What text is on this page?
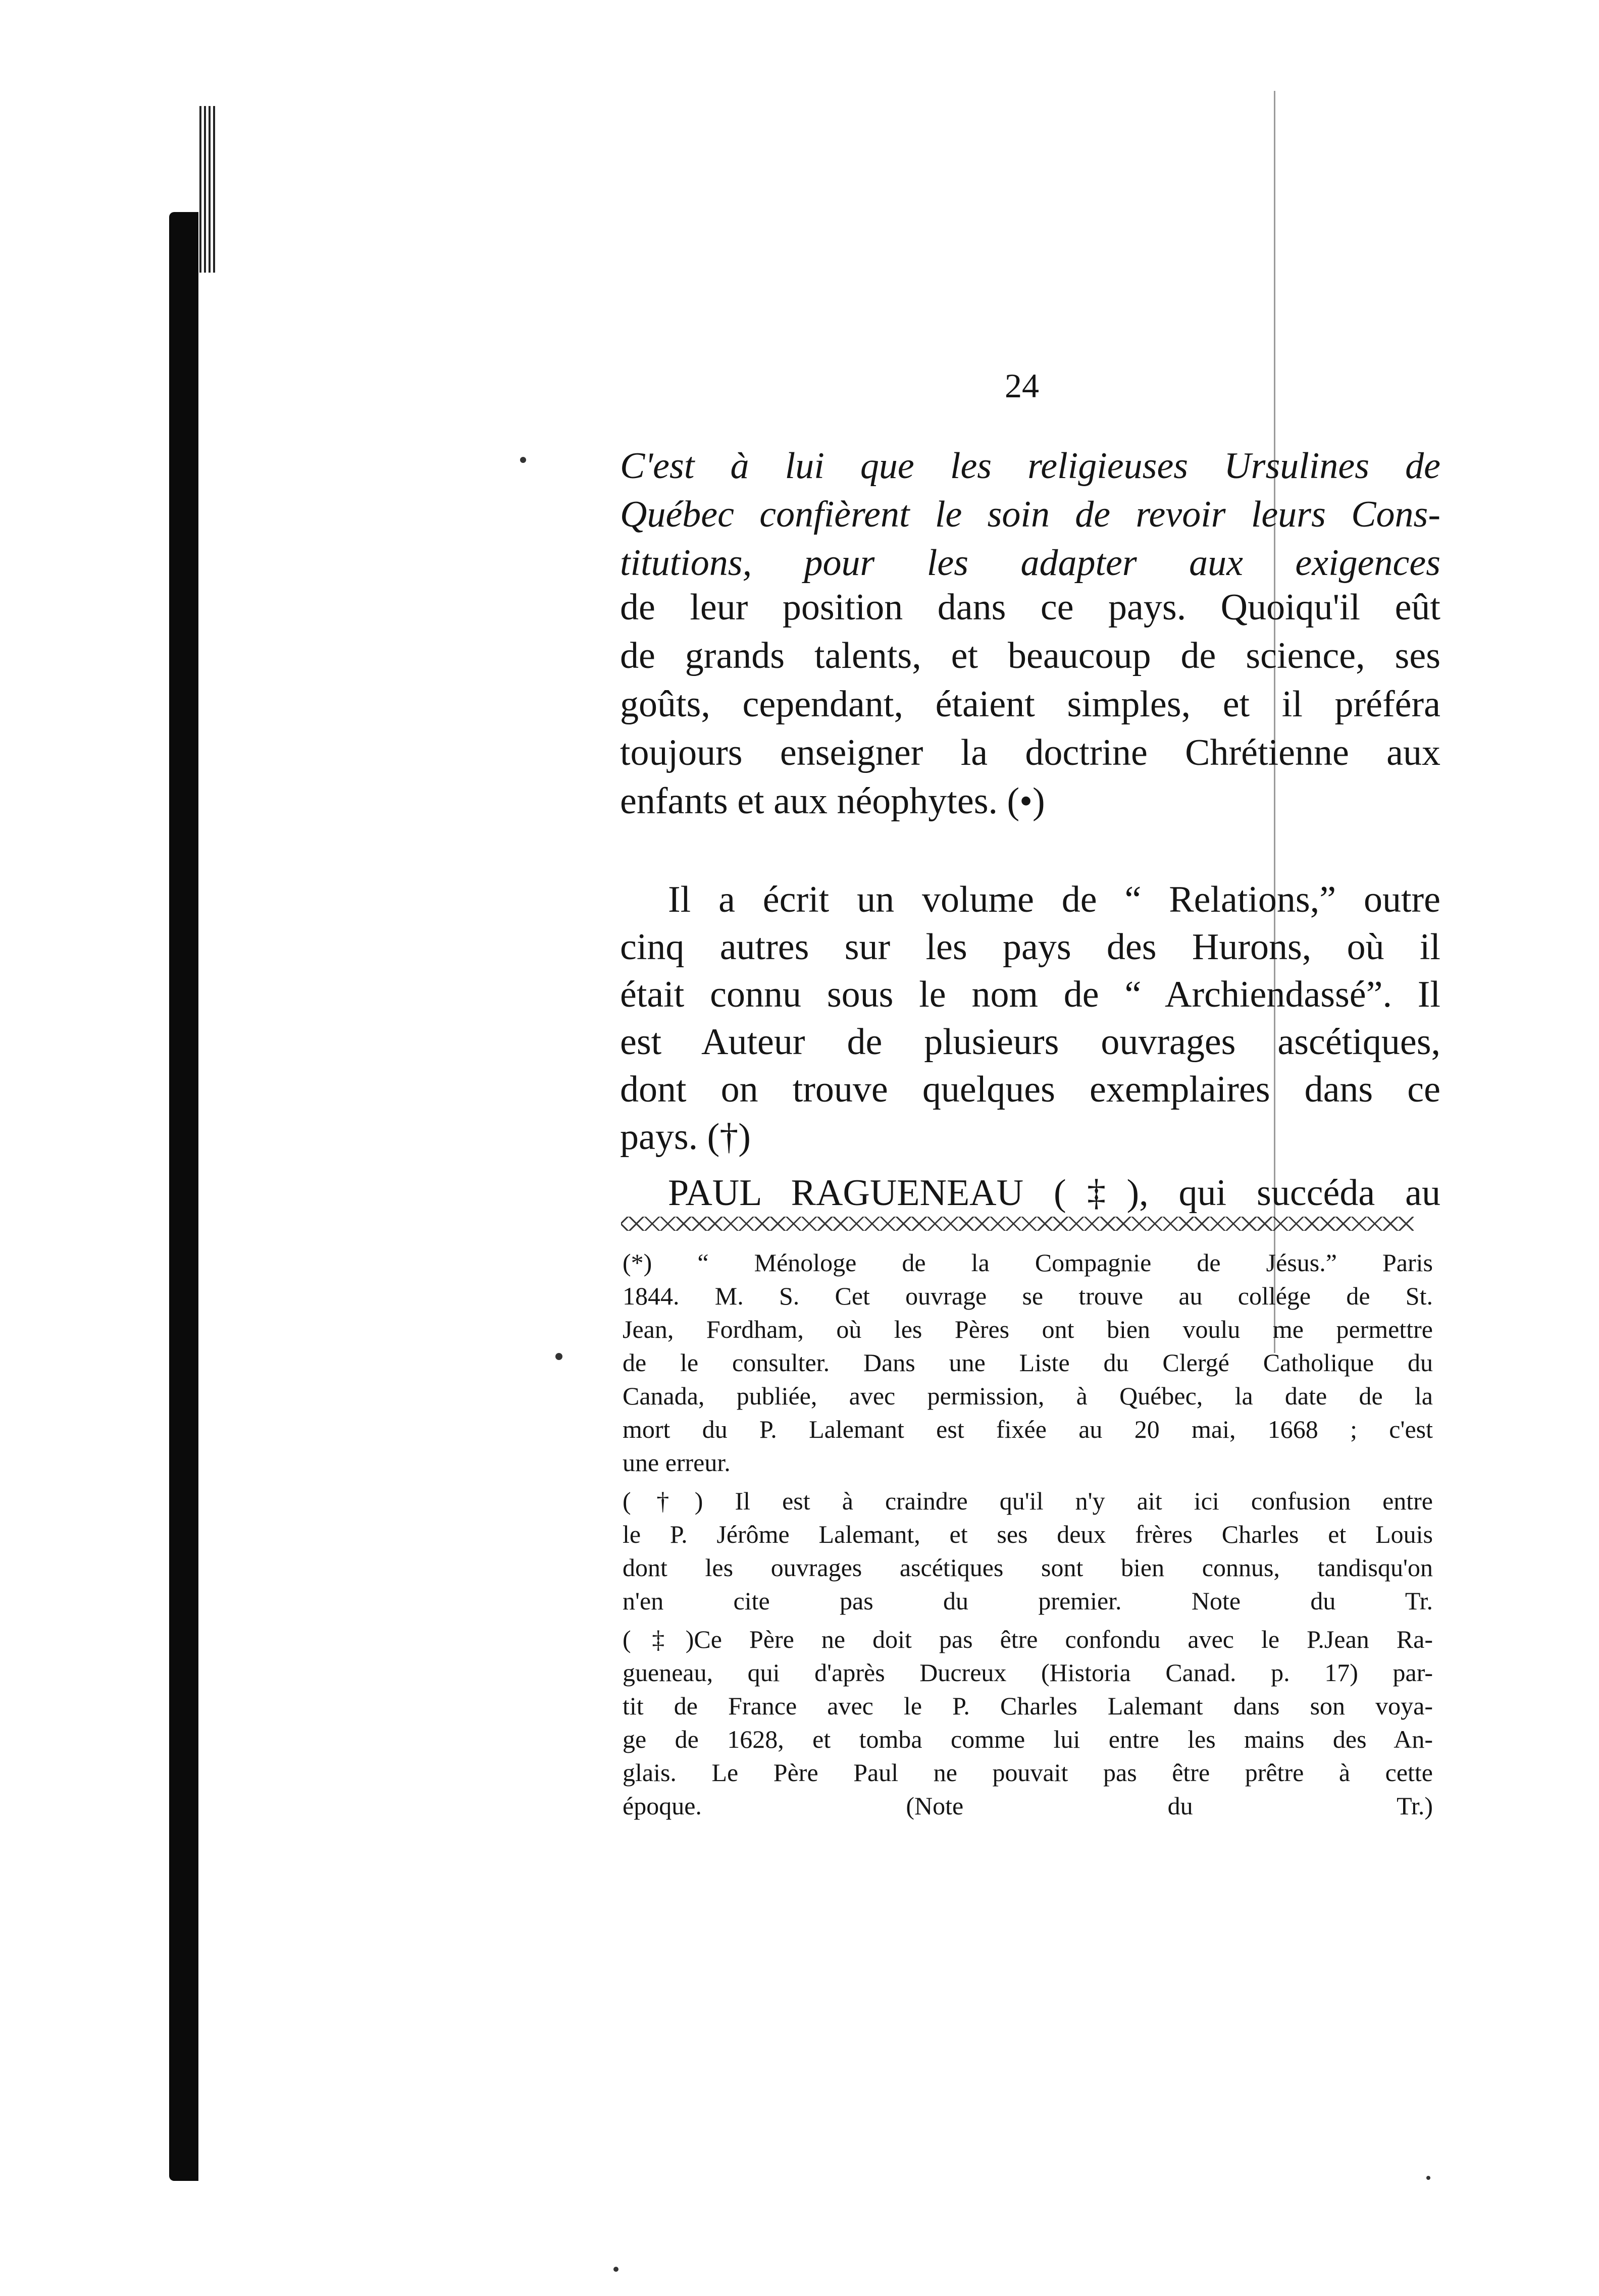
24
C'est à lui que les religieuses Ursulines de
Québec confièrent le soin de revoir leurs Cons-
titutions, pour les adapter aux exigences
de leur position dans ce pays. Quoiqu'il eût
de grands talents, et beaucoup de science, ses
goûts, cependant, étaient simples, et il préféra
toujours enseigner la doctrine Chrétienne aux
enfants et aux néophytes. (•)
Il a écrit un volume de “ Relations,” outre
cinq autres sur les pays des Hurons, où il
était connu sous le nom de “ Archiendassé”. Il
est Auteur de plusieurs ouvrages ascétiques,
dont on trouve quelques exemplaires dans ce
pays. (†)
PAUL RAGUENEAU (‡), qui succéda au
(*) “ Ménologe de la Compagnie de Jésus.” Paris
1844. M. S. Cet ouvrage se trouve au collége de St.
Jean, Fordham, où les Pères ont bien voulu me permettre
de le consulter. Dans une Liste du Clergé Catholique du
Canada, publiée, avec permission, à Québec, la date de la
mort du P. Lalemant est fixée au 20 mai, 1668 ; c'est
une erreur.
(†) Il est à craindre qu'il n'y ait ici confusion entre
le P. Jérôme Lalemant, et ses deux frères Charles et Louis
dont les ouvrages ascétiques sont bien connus, tandisqu'on
n'en cite pas du premier. Note du Tr.
(‡)Ce Père ne doit pas être confondu avec le P.Jean Ra-
gueneau, qui d'après Ducreux (Historia Canad. p. 17) par-
tit de France avec le P. Charles Lalemant dans son voya-
ge de 1628, et tomba comme lui entre les mains des An-
glais. Le Père Paul ne pouvait pas être prêtre à cette
époque. (Note du Tr.)
